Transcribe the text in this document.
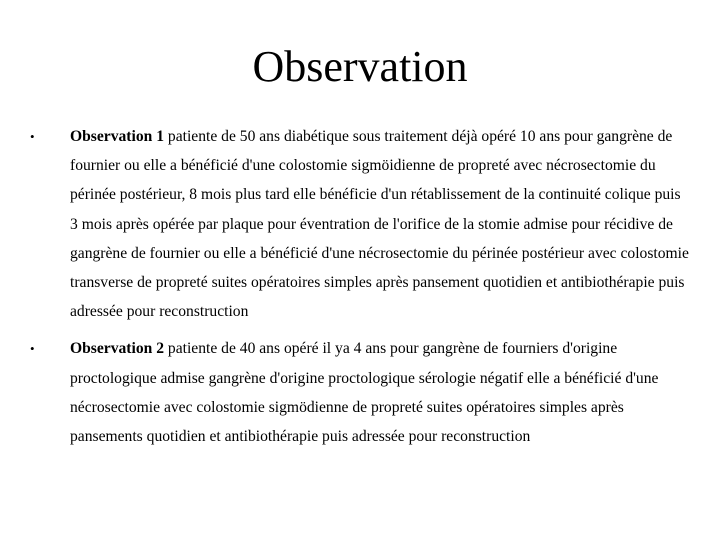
Observation
•	Observation 1 patiente de 50 ans diabétique sous traitement déjà opéré 10 ans pour gangrène de fournier ou elle a bénéficié d'une colostomie sigmöidienne de propreté avec nécrosectomie du périnée postérieur, 8 mois plus tard elle bénéficie d'un rétablissement de la continuité colique puis 3 mois après opérée par plaque pour éventration de l'orifice de la stomie admise pour récidive de gangrène de fournier ou elle a bénéficié d'une nécrosectomie du périnée postérieur avec colostomie transverse de propreté suites opératoires simples après pansement quotidien et antibiothérapie puis adressée pour reconstruction
•	Observation 2 patiente de 40 ans opéré il ya 4 ans pour gangrène de fourniers d'origine proctologique admise gangrène d'origine proctologique sérologie négatif elle a bénéficié d'une nécrosectomie avec colostomie sigmödienne de propreté suites opératoires simples après pansements quotidien et antibiothérapie puis adressée pour reconstruction
